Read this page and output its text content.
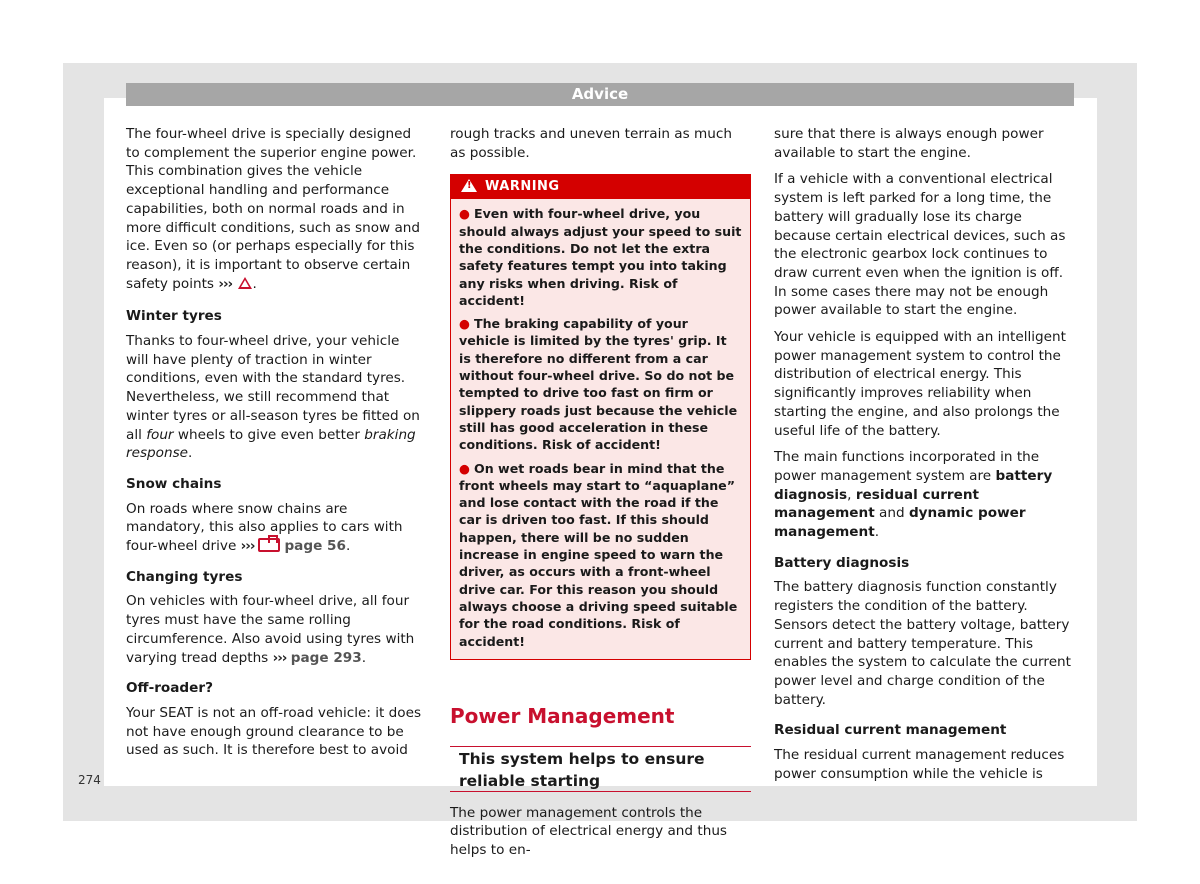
Advice

The four-wheel drive is specially designed to complement the superior engine power. This combination gives the vehicle exceptional handling and performance capabilities, both on normal roads and in more difficult conditions, such as snow and ice. Even so (or perhaps especially for this reason), it is important to observe certain safety points ››› .

Winter tyres

Thanks to four-wheel drive, your vehicle will have plenty of traction in winter conditions, even with the standard tyres. Nevertheless, we still recommend that winter tyres or all-season tyres be fitted on all four wheels to give even better braking response.

Snow chains

On roads where snow chains are mandatory, this also applies to cars with four-wheel drive ››› page 56.

Changing tyres

On vehicles with four-wheel drive, all four tyres must have the same rolling circumference. Also avoid using tyres with varying tread depths ››› page 293.

Off-roader?

Your SEAT is not an off-road vehicle: it does not have enough ground clearance to be used as such. It is therefore best to avoid

rough tracks and uneven terrain as much as possible.

!WARNING

● Even with four-wheel drive, you should always adjust your speed to suit the conditions. Do not let the extra safety features tempt you into taking any risks when driving. Risk of accident!

● The braking capability of your vehicle is limited by the tyres' grip. It is therefore no different from a car without four-wheel drive. So do not be tempted to drive too fast on firm or slippery roads just because the vehicle still has good acceleration in these conditions. Risk of accident!

● On wet roads bear in mind that the front wheels may start to “aquaplane” and lose contact with the road if the car is driven too fast. If this should happen, there will be no sudden increase in engine speed to warn the driver, as occurs with a front-wheel drive car. For this reason you should always choose a driving speed suitable for the road conditions. Risk of accident!

Power Management
This system helps to ensure reliable starting

The power management controls the distribution of electrical energy and thus helps to en-

sure that there is always enough power available to start the engine.

If a vehicle with a conventional electrical system is left parked for a long time, the battery will gradually lose its charge because certain electrical devices, such as the electronic gearbox lock continues to draw current even when the ignition is off. In some cases there may not be enough power available to start the engine.

Your vehicle is equipped with an intelligent power management system to control the distribution of electrical energy. This significantly improves reliability when starting the engine, and also prolongs the useful life of the battery.

The main functions incorporated in the power management system are battery diagnosis, residual current management and dynamic power management.

Battery diagnosis

The battery diagnosis function constantly registers the condition of the battery. Sensors detect the battery voltage, battery current and battery temperature. This enables the system to calculate the current power level and charge condition of the battery.

Residual current management

The residual current management reduces power consumption while the vehicle is

274
